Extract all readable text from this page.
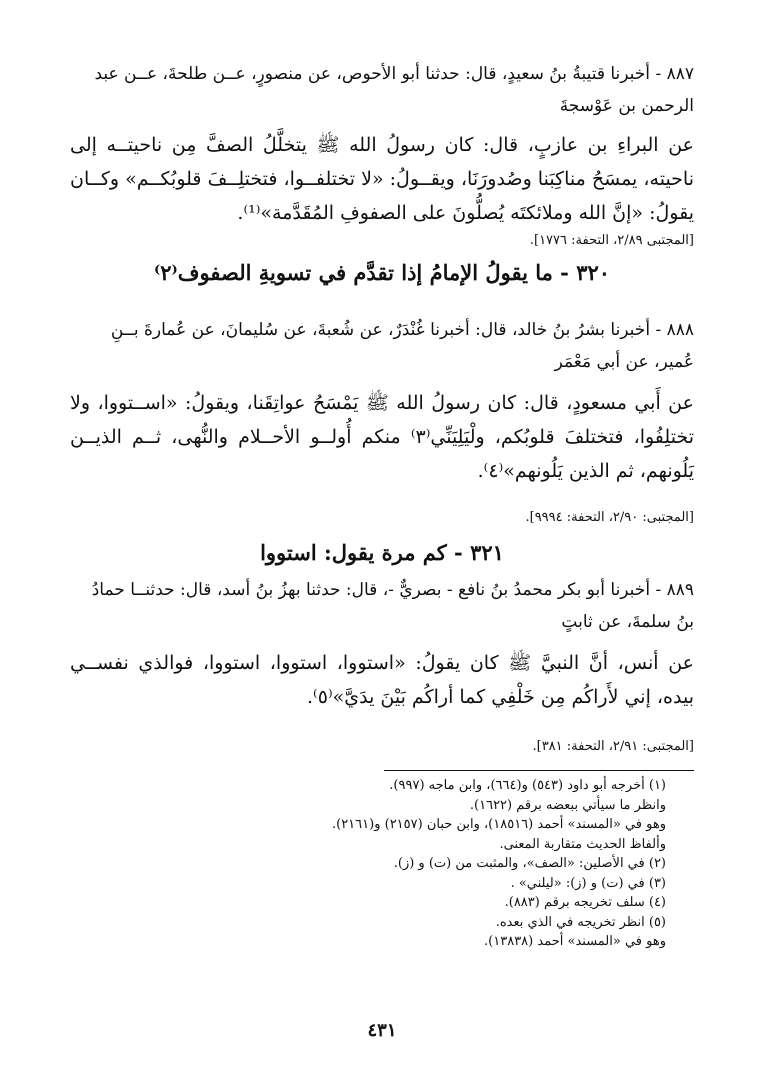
٨٨٧ - أخبرنا قتيبةُ بنُ سعيدٍ، قال: حدثنا أبو الأحوص، عن منصورٍ، عــن طلحةَ، عــن عبد الرحمن بن عَوْسجةَ
عن البراءِ بن عازبٍ، قال: كان رسولُ الله ﷺ يتخلَّلُ الصفَّ مِن ناحيتــه إلى ناحيته، يمسَحُ مناكِبَنا وصُدورَنَا، ويقــولُ: «لا تختلفــوا، فتختلِــفَ قلوبُكــم» وكــان يقولُ: «إنَّ الله وملائكتَه يُصلُّونَ على الصفوفِ المُقَدَّمة»⁽¹⁾.
[المجتبى ٢/٨٩، التحفة: ١٧٧٦].
٣٢٠ - ما يقولُ الإمامُ إذا تقدَّم في تسويةِ الصفوف⁽٢⁾
٨٨٨ - أخبرنا بشرُ بنُ خالد، قال: أخبرنا غُنْدَرٌ، عن شُعبةَ، عن سُليمانَ، عن عُمارةَ بــنِ عُمير، عن أبي مَعْمَر
عن أَبي مسعودٍ، قال: كان رسولُ الله ﷺ يَمْسَحُ عواتِقَنا، ويقولُ: «اســتووا، ولا تختلِفُوا، فتختلفَ قلوبُكم، ولْيَلِيَنِّي⁽٣⁾ منكم أُولــو الأحــلام والنُّهى، ثــم الذيــن يَلُونهم، ثم الذين يَلُونهم»⁽٤⁾.
[المجتبى: ٢/٩٠، التحفة: ٩٩٩٤].
٣٢١ - كم مرة يقول: استووا
٨٨٩ - أخبرنا أبو بكر محمدُ بنُ نافع - بصريٌّ -، قال: حدثنا بهزُ بنُ أسد، قال: حدثنــا حمادُ بنُ سلمةَ، عن ثابتٍ
عن أنس، أنَّ النبيَّ ﷺ كان يقولُ: «استووا، استووا، استووا، فوالذي نفســي بيده، إني لأَراكُم مِن خَلْفِي كما أراكُم بَيْنَ يدَيَّ»⁽٥⁾.
[المجتبى: ٢/٩١، التحفة: ٣٨١].
(١) أخرجه أبو داود (٥٤٣) و(٦٦٤)، وابن ماجه (٩٩٧).
وانظر ما سيأتي ببعضه برقم (١٦٢٢).
وهو في «المسند» أحمد (١٨٥١٦)، وابن حبان (٢١٥٧) و(٢١٦١).
وألفاظ الحديث متقاربة المعنى.
(٢) في الأصلين: «الصف»، والمثبت من (ت) و (ز).
(٣) في (ت) و (ز): «ليلني» .
(٤) سلف تخريجه برقم (٨٨٣).
(٥) انظر تخريجه في الذي بعده.
وهو في «المسند» أحمد (١٣٨٣٨).
٤٣١
